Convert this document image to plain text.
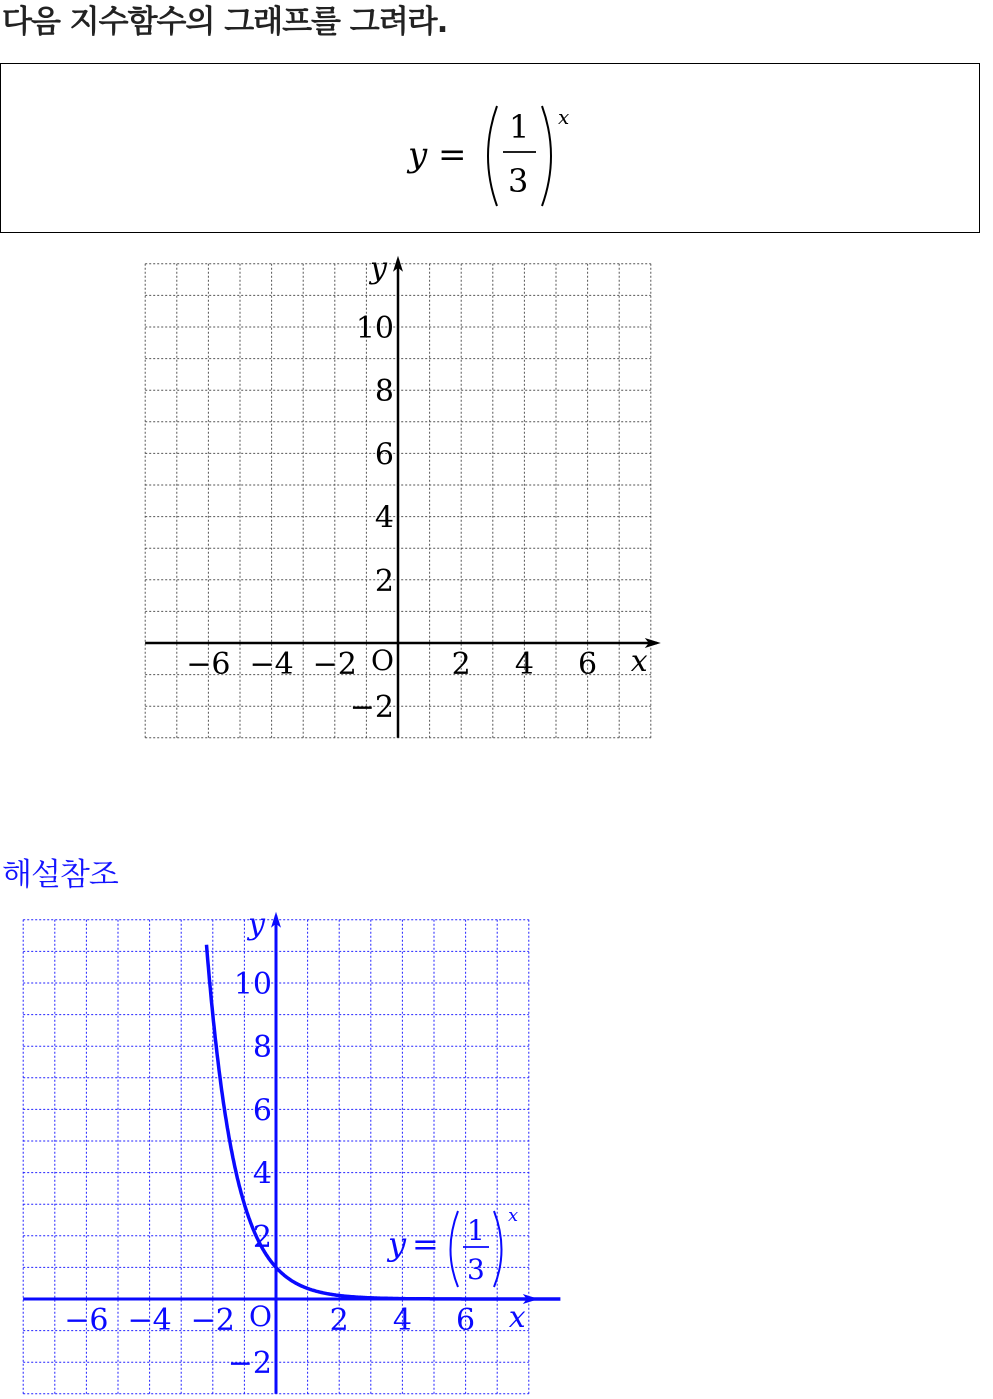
다음 지수함수의 그래프를 그려라.
y =
1
3
x
x
y
O
−6 −4 −2	2 4 6
10
8
6
4
2
−2
해설참조
x
y
O
−6 −4 −2	2 4 6
10
8
6
4
2
−2
y = 1
3
x
